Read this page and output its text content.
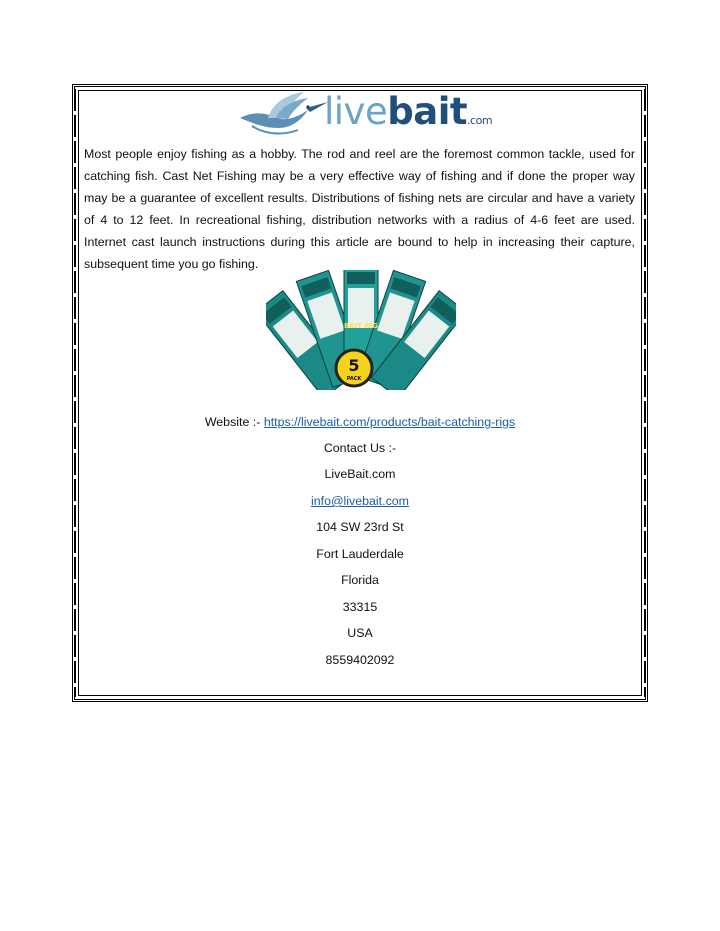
livebait.com

Most people enjoy fishing as a hobby. The rod and reel are the foremost common tackle, used for catching fish. Cast Net Fishing may be a very effective way of fishing and if done the proper way may be a guarantee of excellent results. Distributions of fishing nets are circular and have a variety of 4 to 12 feet. In recreational fishing, distribution networks with a radius of 4-6 feet are used. Internet cast launch instructions during this article are bound to help in increasing their capture, subsequent time you go fishing.

BAIT RIG
5
PACK
Website :- https://livebait.com/products/bait-catching-rigs
Contact Us :-
LiveBait.com
info@livebait.com
104 SW 23rd St
Fort Lauderdale
Florida
33315
USA
8559402092
